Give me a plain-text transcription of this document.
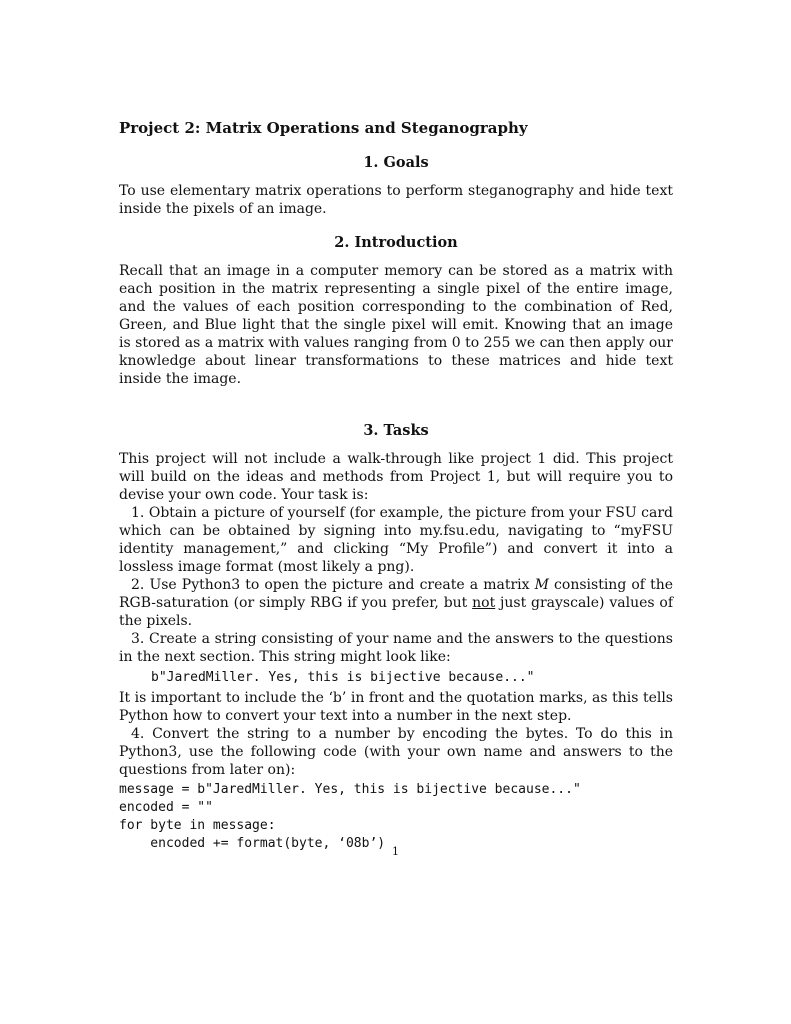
Project 2: Matrix Operations and Steganography
1. Goals

To use elementary matrix operations to perform steganography and hide text inside the pixels of an image.

2. Introduction

Recall that an image in a computer memory can be stored as a matrix with each position in the matrix representing a single pixel of the entire image, and the values of each position corresponding to the combination of Red, Green, and Blue light that the single pixel will emit. Knowing that an image is stored as a matrix with values ranging from 0 to 255 we can then apply our knowledge about linear transformations to these matrices and hide text inside the image.

3. Tasks

This project will not include a walk-through like project 1 did. This project will build on the ideas and methods from Project 1, but will require you to devise your own code. Your task is:

1. Obtain a picture of yourself (for example, the picture from your FSU card which can be obtained by signing into my.fsu.edu, navigating to “myFSU identity management,” and clicking “My Profile”) and convert it into a lossless image format (most likely a png).

2. Use Python3 to open the picture and create a matrix M consisting of the RGB-saturation (or simply RBG if you prefer, but not just grayscale) values of the pixels.

3. Create a string consisting of your name and the answers to the questions in the next section. This string might look like:

b"JaredMiller. Yes, this is bijective because..."

It is important to include the ‘b’ in front and the quotation marks, as this tells Python how to convert your text into a number in the next step.

4. Convert the string to a number by encoding the bytes. To do this in Python3, use the following code (with your own name and answers to the questions from later on):

message = b"JaredMiller. Yes, this is bijective because..."
encoded = ""
for byte in message:
encoded += format(byte, ‘08b’)
1
